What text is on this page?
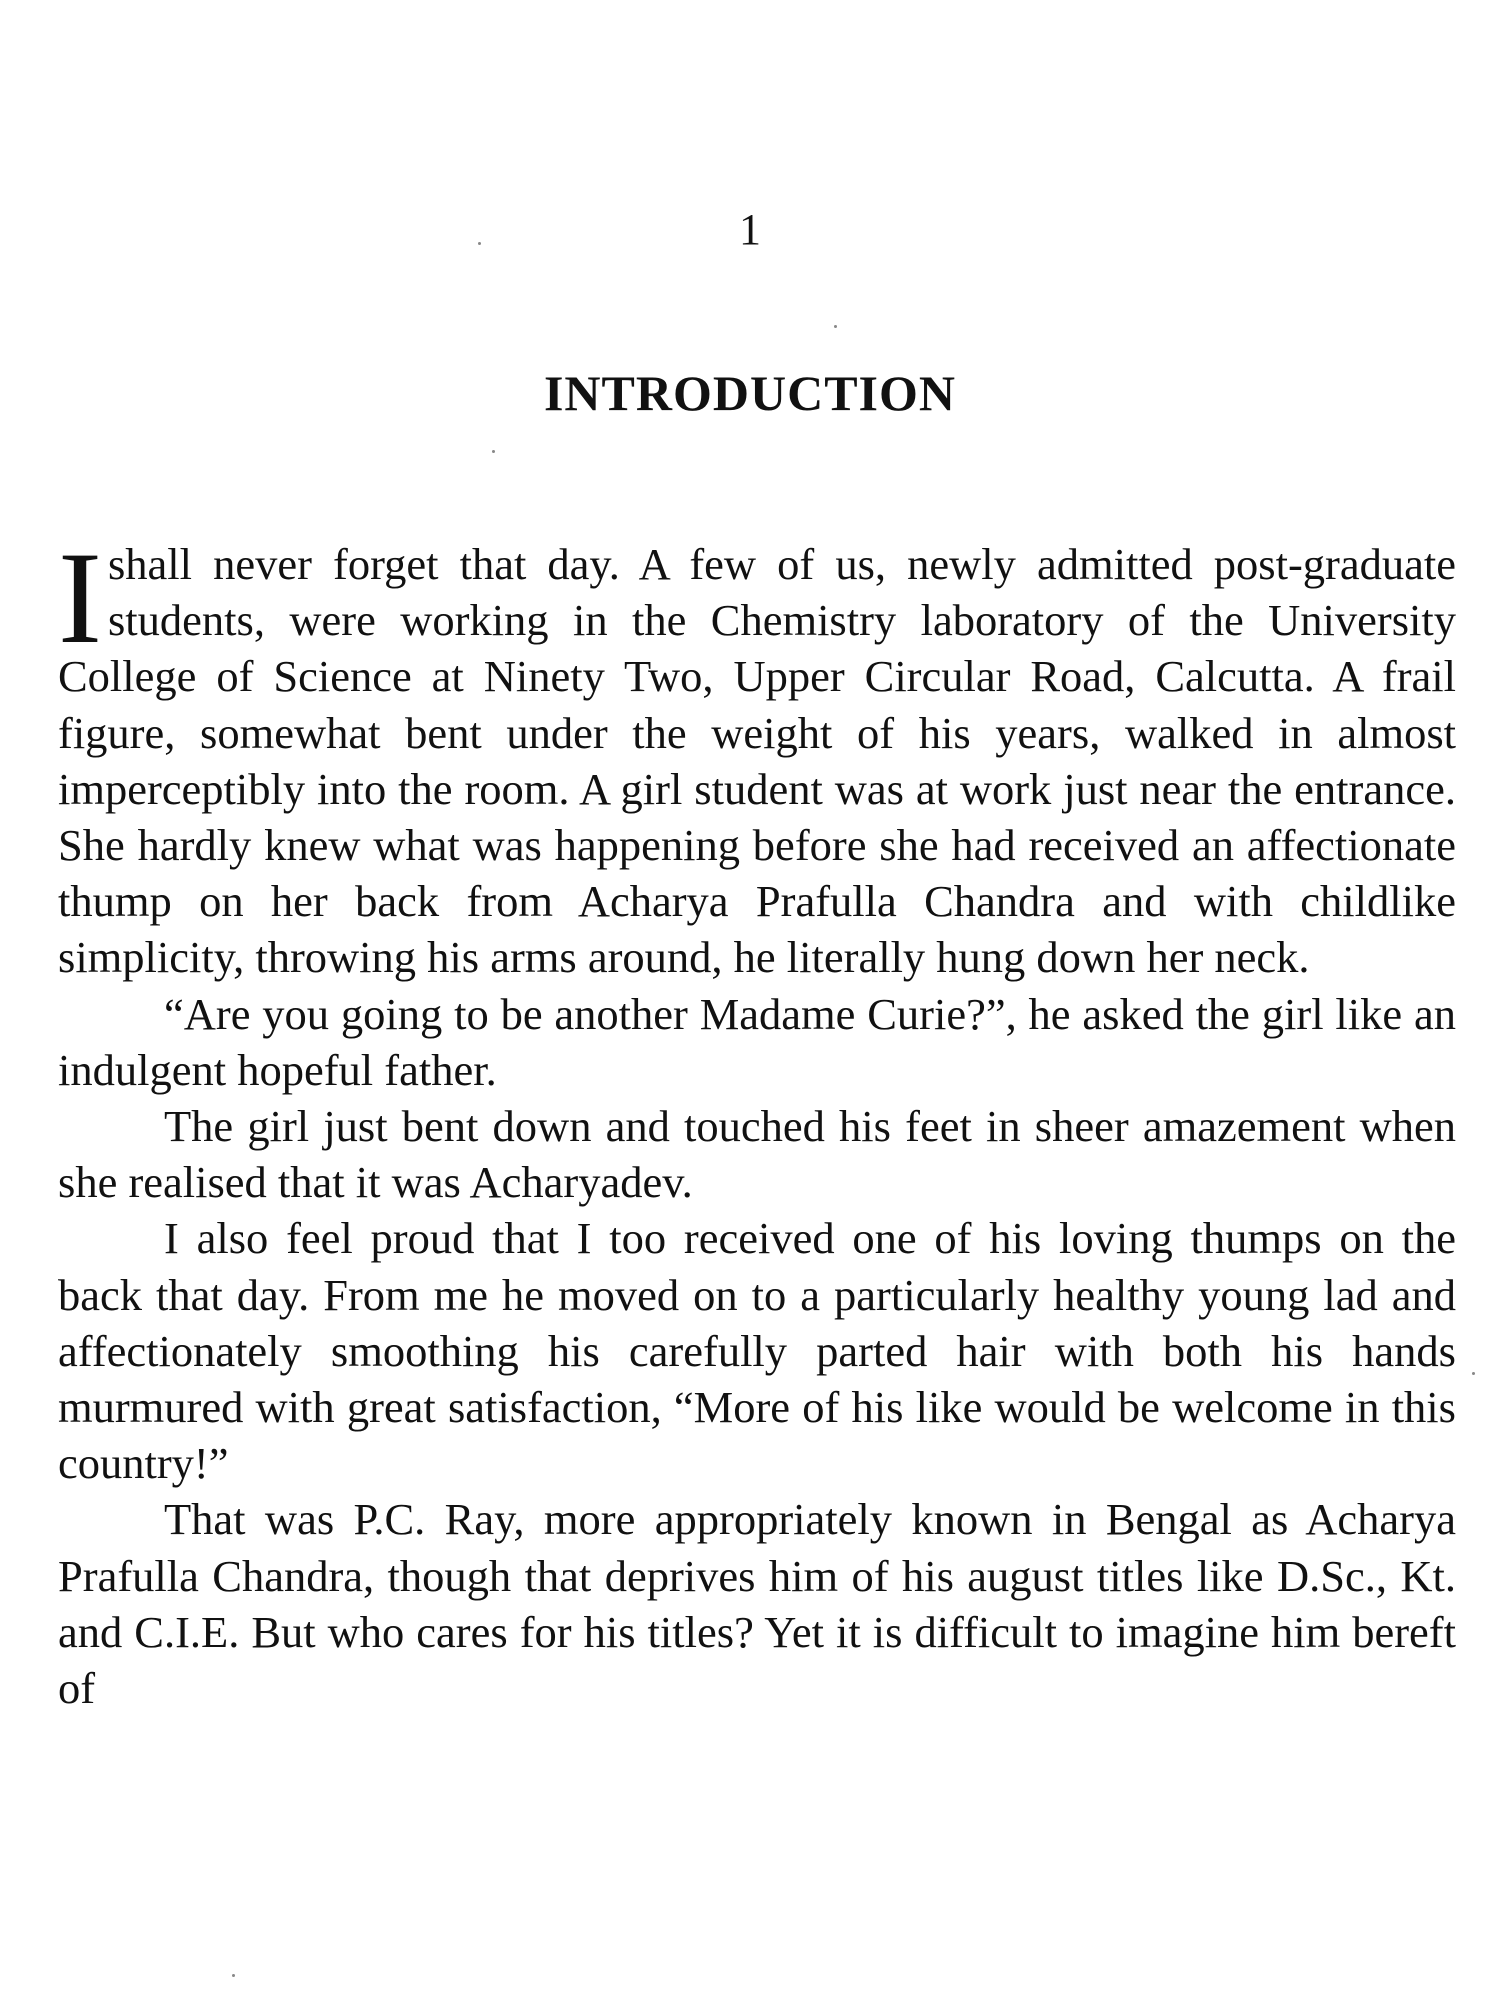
1
INTRODUCTION

Ishall never forget that day. A few of us, newly admitted post-graduate students, were working in the Chemistry laboratory of the University College of Science at Ninety Two, Upper Circular Road, Calcutta. A frail figure, somewhat bent under the weight of his years, walked in almost imperceptibly into the room. A girl student was at work just near the entrance. She hardly knew what was happening before she had received an affectionate thump on her back from Acharya Prafulla Chandra and with childlike simplicity, throwing his arms around, he literally hung down her neck.

“Are you going to be another Madame Curie?”, he asked the girl like an indulgent hopeful father.

The girl just bent down and touched his feet in sheer amazement when she realised that it was Acharyadev.

I also feel proud that I too received one of his loving thumps on the back that day. From me he moved on to a particularly healthy young lad and affectionately smoothing his carefully parted hair with both his hands murmured with great satisfaction, “More of his like would be welcome in this country!”

That was P.C. Ray, more appropriately known in Bengal as Acharya Prafulla Chandra, though that deprives him of his august titles like D.Sc., Kt. and C.I.E. But who cares for his titles? Yet it is difficult to imagine him bereft of
